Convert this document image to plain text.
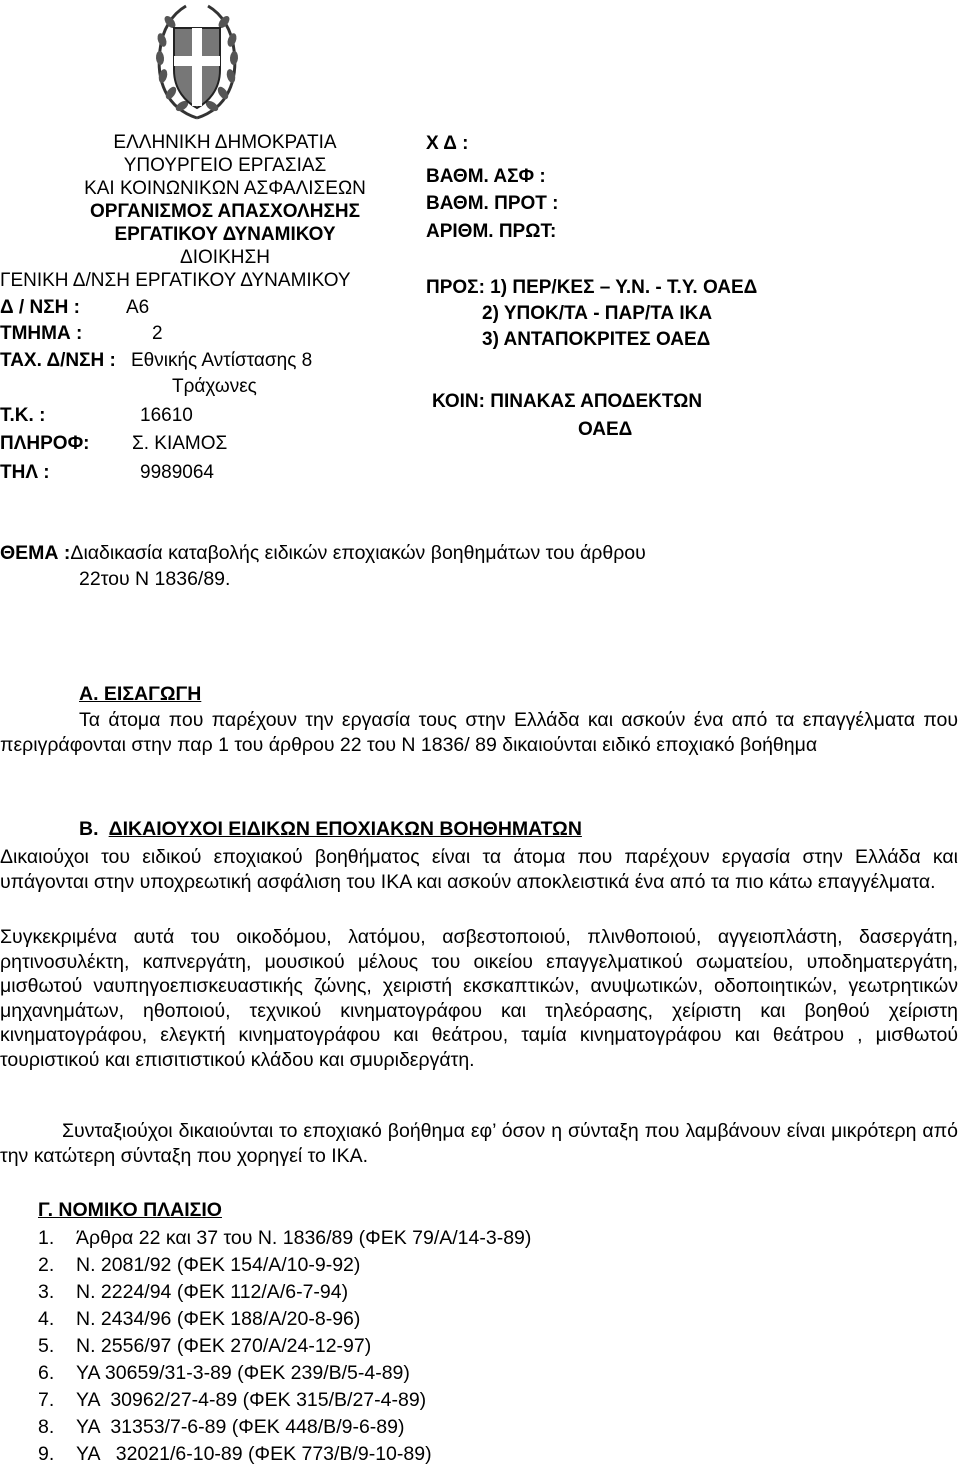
ΕΛΛΗΝΙΚΗ ΔΗΜΟΚΡΑΤΙΑ
ΥΠΟΥΡΓΕΙΟ ΕΡΓΑΣΙΑΣ
ΚΑΙ ΚΟΙΝΩΝΙΚΩΝ ΑΣΦΑΛΙΣΕΩΝ
ΟΡΓΑΝΙΣΜΟΣ ΑΠΑΣΧΟΛΗΣΗΣ
ΕΡΓΑΤΙΚΟΥ ΔΥΝΑΜΙΚΟΥ
ΔΙΟΙΚΗΣΗ
ΓΕΝΙΚΗ Δ/ΝΣΗ ΕΡΓΑΤΙΚΟΥ ΔΥΝΑΜΙΚΟΥ
Δ / ΝΣΗ : Α6
ΤΜΗΜΑ :	2
ΤΑΧ. Δ/ΝΣΗ : Εθνικής Αντίστασης 8
Τράχωνες
Τ.Κ. :	16610
ΠΛΗΡΟΦ: Σ. ΚΙΑΜΟΣ
ΤΗΛ :	9989064
Χ Δ :
ΒΑΘΜ. ΑΣΦ :
ΒΑΘΜ. ΠΡΟΤ :
ΑΡΙΘΜ. ΠΡΩΤ:
ΠΡΟΣ: 1) ΠΕΡ/ΚΕΣ – Υ.Ν. - Τ.Υ. ΟΑΕΔ
2) ΥΠΟΚ/ΤΑ - ΠΑΡ/ΤΑ ΙΚΑ
3) ΑΝΤΑΠΟΚΡΙΤΕΣ ΟΑΕΔ
ΚΟΙΝ: ΠΙΝΑΚΑΣ ΑΠΟΔΕΚΤΩΝ
ΟΑΕΔ
ΘΕΜΑ :Διαδικασία καταβολής ειδικών εποχιακών βοηθημάτων του άρθρου
22του Ν 1836/89.
Α. ΕΙΣΑΓΩΓΗ
Τα άτομα που παρέχουν την εργασία τους στην Ελλάδα και ασκούν ένα από τα επαγγέλματα που περιγράφονται στην παρ 1 του άρθρου 22 του Ν 1836/ 89 δικαιούνται ειδικό εποχιακό βοήθημα
Β. ΔΙΚΑΙΟΥΧΟΙ ΕΙΔΙΚΩΝ ΕΠΟΧΙΑΚΩΝ ΒΟΗΘΗΜΑΤΩΝ
Δικαιούχοι του ειδικού εποχιακού βοηθήματος είναι τα άτομα που παρέχουν εργασία στην Ελλάδα και υπάγονται στην υποχρεωτική ασφάλιση του ΙΚΑ και ασκούν αποκλειστικά ένα από τα πιο κάτω επαγγέλματα.
Συγκεκριμένα αυτά του οικοδόμου, λατόμου, ασβεστοποιού, πλινθοποιού, αγγειοπλάστη, δασεργάτη, ρητινοσυλέκτη, καπνεργάτη, μουσικού μέλους του οικείου επαγγελματικού σωματείου, υποδηματεργάτη, μισθωτού ναυπηγοεπισκευαστικής ζώνης, χειριστή εκσκαπτικών, ανυψωτικών, οδοποιητικών, γεωτρητικών μηχανημάτων, ηθοποιού, τεχνικού κινηματογράφου και τηλεόρασης, χείριστη και βοηθού χείριστη κινηματογράφου, ελεγκτή κινηματογράφου και θεάτρου, ταμία κινηματογράφου και θεάτρου , μισθωτού τουριστικού και επισιτιστικού κλάδου και σμυριδεργάτη.
Συνταξιούχοι δικαιούνται το εποχιακό βοήθημα εφ’ όσον η σύνταξη που λαμβάνουν είναι μικρότερη από την κατώτερη σύνταξη που χορηγεί το ΙΚΑ.
Γ. ΝΟΜΙΚΟ ΠΛΑΙΣΙΟ
1. Άρθρα 22 και 37 του Ν. 1836/89 (ΦΕΚ 79/Α/14-3-89)
2. Ν. 2081/92 (ΦΕΚ 154/Α/10-9-92)
3. Ν. 2224/94 (ΦΕΚ 112/Α/6-7-94)
4. Ν. 2434/96 (ΦΕΚ 188/Α/20-8-96)
5. Ν. 2556/97 (ΦΕΚ 270/Α/24-12-97)
6. ΥΑ 30659/31-3-89 (ΦΕΚ 239/Β/5-4-89)
7. ΥΑ  30962/27-4-89 (ΦΕΚ 315/Β/27-4-89)
8. ΥΑ  31353/7-6-89 (ΦΕΚ 448/Β/9-6-89)
9. ΥΑ   32021/6-10-89 (ΦΕΚ 773/Β/9-10-89)
